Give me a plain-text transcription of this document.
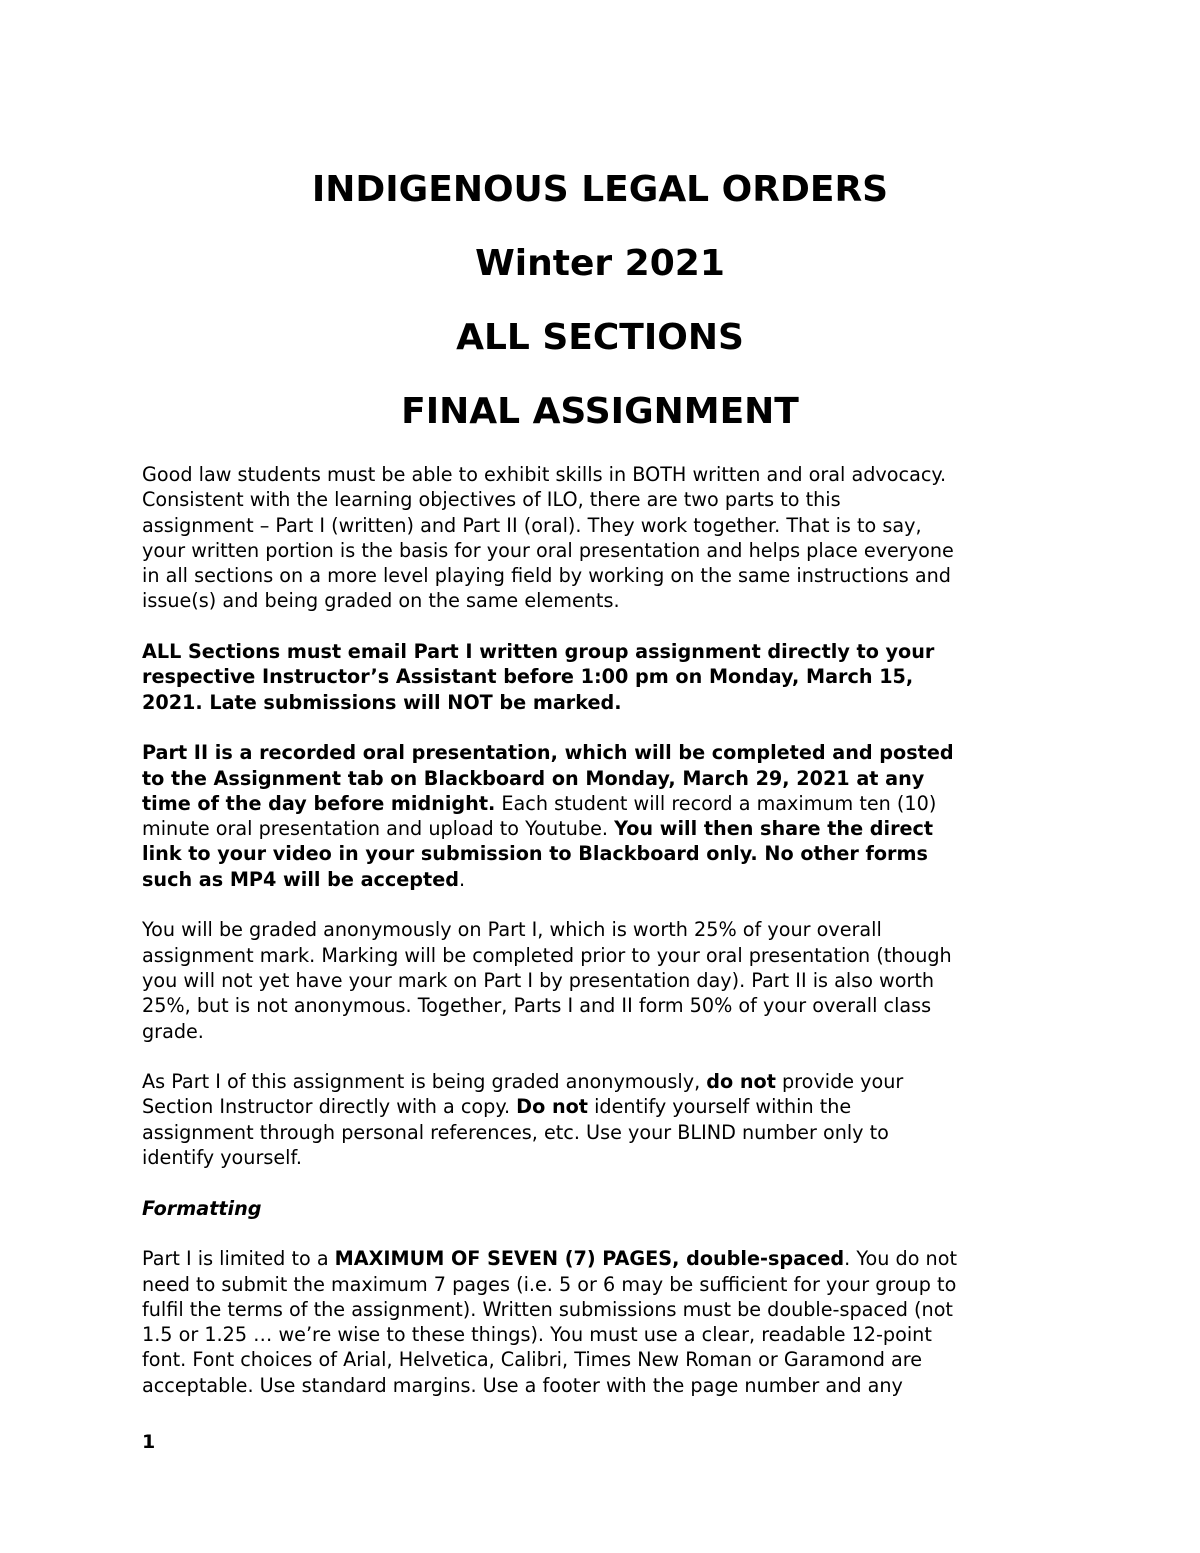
INDIGENOUS LEGAL ORDERS

Winter 2021

ALL SECTIONS

FINAL ASSIGNMENT

Good law students must be able to exhibit skills in BOTH written and oral advocacy.
Consistent with the learning objectives of ILO, there are two parts to this
assignment – Part I (written) and Part II (oral). They work together. That is to say,
your written portion is the basis for your oral presentation and helps place everyone
in all sections on a more level playing field by working on the same instructions and
issue(s) and being graded on the same elements.

ALL Sections must email Part I written group assignment directly to your
respective Instructor’s Assistant before 1:00 pm on Monday, March 15,
2021. Late submissions will NOT be marked.

Part II is a recorded oral presentation, which will be completed and posted
to the Assignment tab on Blackboard on Monday, March 29, 2021 at any
time of the day before midnight. Each student will record a maximum ten (10)
minute oral presentation and upload to Youtube. You will then share the direct
link to your video in your submission to Blackboard only. No other forms
such as MP4 will be accepted.

You will be graded anonymously on Part I, which is worth 25% of your overall
assignment mark. Marking will be completed prior to your oral presentation (though
you will not yet have your mark on Part I by presentation day). Part II is also worth
25%, but is not anonymous. Together, Parts I and II form 50% of your overall class
grade.

As Part I of this assignment is being graded anonymously, do not provide your
Section Instructor directly with a copy. Do not identify yourself within the
assignment through personal references, etc. Use your BLIND number only to
identify yourself.

Formatting

Part I is limited to a MAXIMUM OF SEVEN (7) PAGES, double-spaced. You do not
need to submit the maximum 7 pages (i.e. 5 or 6 may be sufficient for your group to
fulfil the terms of the assignment). Written submissions must be double-spaced (not
1.5 or 1.25 … we’re wise to these things). You must use a clear, readable 12-point
font. Font choices of Arial, Helvetica, Calibri, Times New Roman or Garamond are
acceptable. Use standard margins. Use a footer with the page number and any

1
